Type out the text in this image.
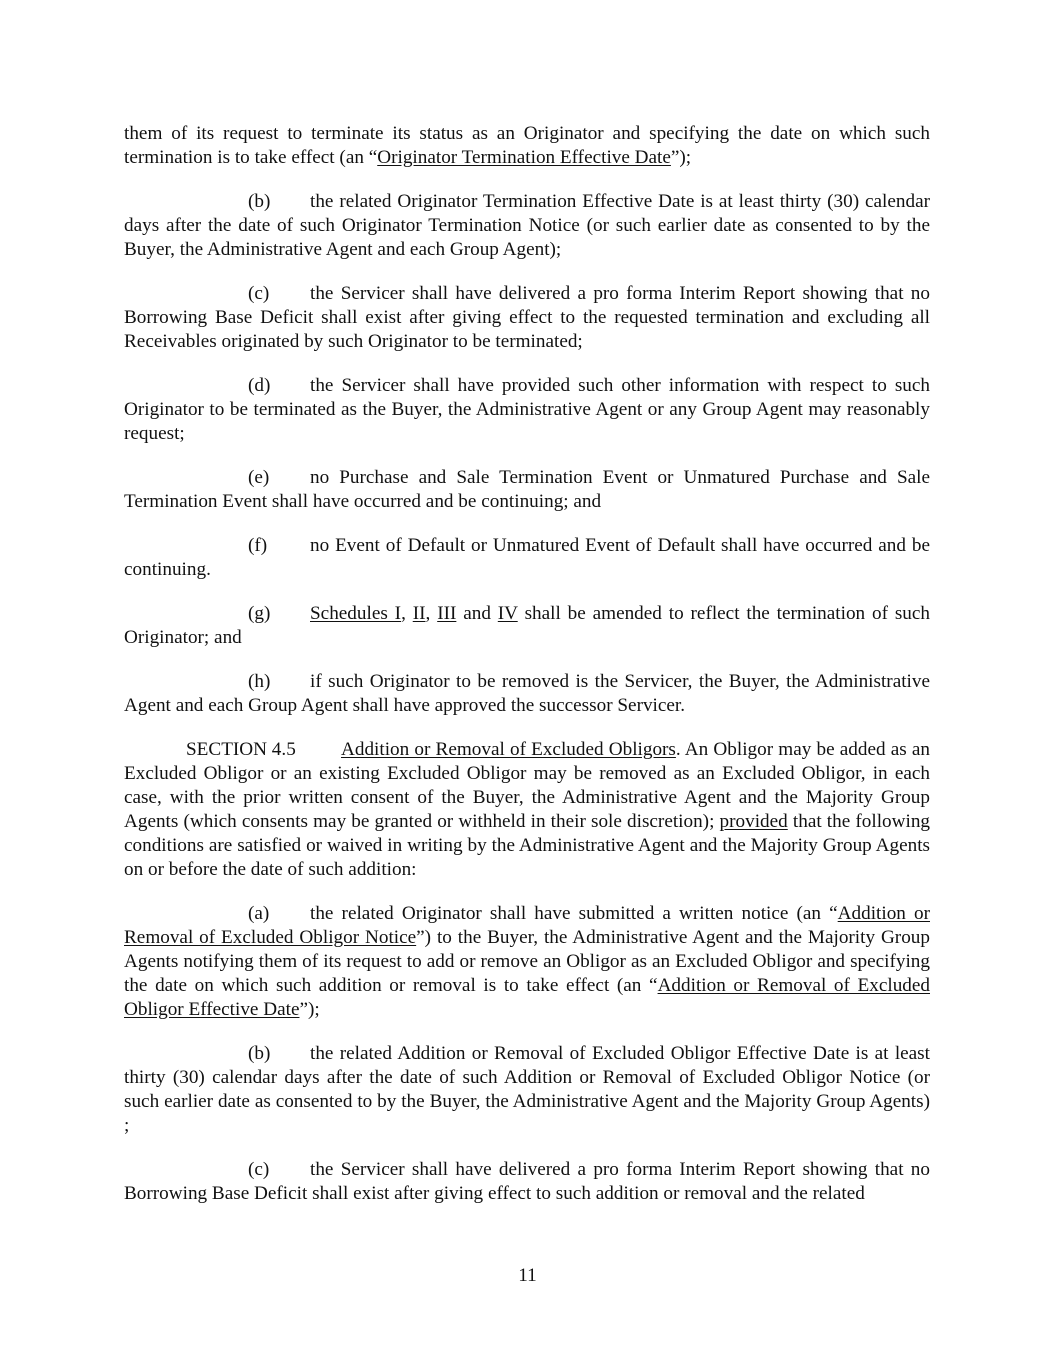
them of its request to terminate its status as an Originator and specifying the date on which such termination is to take effect (an “Originator Termination Effective Date”);

(b) the related Originator Termination Effective Date is at least thirty (30) calendar days after the date of such Originator Termination Notice (or such earlier date as consented to by the Buyer, the Administrative Agent and each Group Agent);

(c) the Servicer shall have delivered a pro forma Interim Report showing that no Borrowing Base Deficit shall exist after giving effect to the requested termination and excluding all Receivables originated by such Originator to be terminated;

(d) the Servicer shall have provided such other information with respect to such Originator to be terminated as the Buyer, the Administrative Agent or any Group Agent may reasonably request;

(e) no Purchase and Sale Termination Event or Unmatured Purchase and Sale Termination Event shall have occurred and be continuing; and

(f) no Event of Default or Unmatured Event of Default shall have occurred and be continuing.

(g) Schedules I, II, III and IV shall be amended to reflect the termination of such Originator; and

(h) if such Originator to be removed is the Servicer, the Buyer, the Administrative Agent and each Group Agent shall have approved the successor Servicer.

SECTION 4.5 Addition or Removal of Excluded Obligors. An Obligor may be added as an Excluded Obligor or an existing Excluded Obligor may be removed as an Excluded Obligor, in each case, with the prior written consent of the Buyer, the Administrative Agent and the Majority Group Agents (which consents may be granted or withheld in their sole discretion); provided that the following conditions are satisfied or waived in writing by the Administrative Agent and the Majority Group Agents on or before the date of such addition:

(a) the related Originator shall have submitted a written notice (an “Addition or Removal of Excluded Obligor Notice”) to the Buyer, the Administrative Agent and the Majority Group Agents notifying them of its request to add or remove an Obligor as an Excluded Obligor and specifying the date on which such addition or removal is to take effect (an “Addition or Removal of Excluded Obligor Effective Date”);

(b) the related Addition or Removal of Excluded Obligor Effective Date is at least thirty (30) calendar days after the date of such Addition or Removal of Excluded Obligor Notice (or such earlier date as consented to by the Buyer, the Administrative Agent and the Majority Group Agents) ;

(c) the Servicer shall have delivered a pro forma Interim Report showing that no Borrowing Base Deficit shall exist after giving effect to such addition or removal and the related

11
